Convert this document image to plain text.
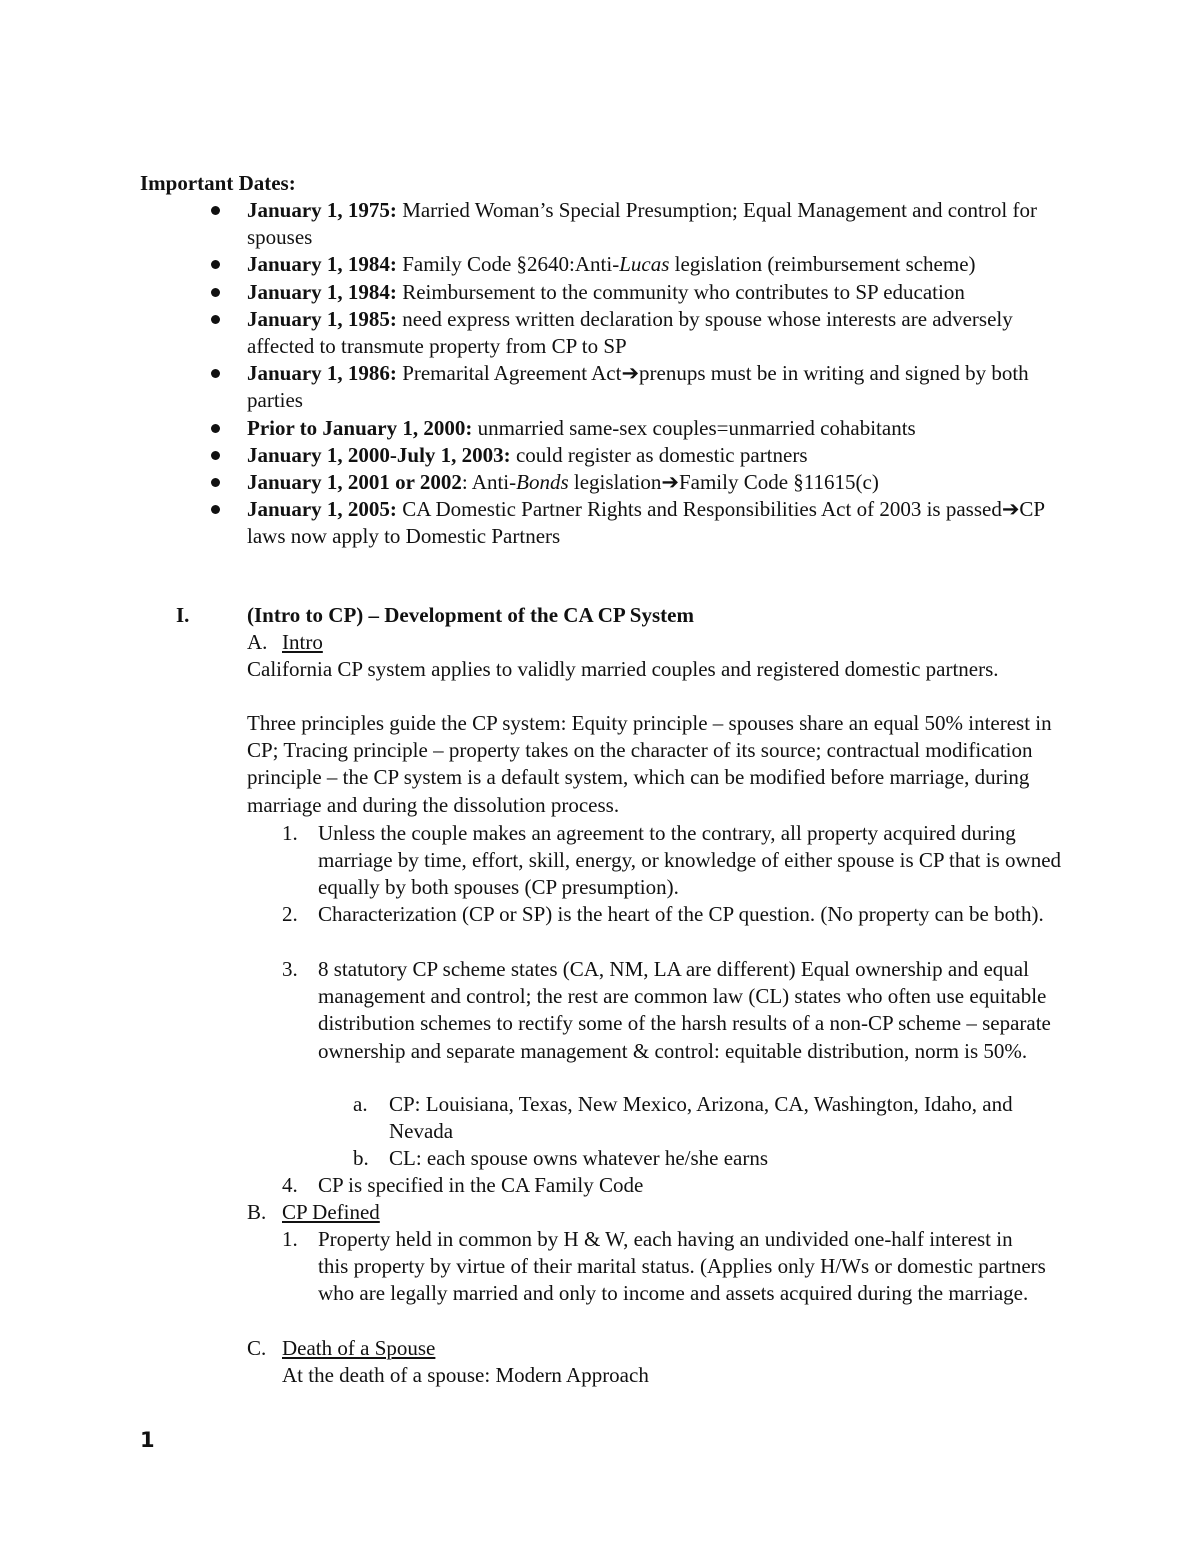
Important Dates:
January 1, 1975: Married Woman’s Special Presumption; Equal Management and control for spouses
January 1, 1984: Family Code §2640:Anti-Lucas legislation (reimbursement scheme)
January 1, 1984: Reimbursement to the community who contributes to SP education
January 1, 1985: need express written declaration by spouse whose interests are adversely affected to transmute property from CP to SP
January 1, 1986: Premarital Agreement Act➔prenups must be in writing and signed by both parties
Prior to January 1, 2000: unmarried same-sex couples=unmarried cohabitants
January 1, 2000-July 1, 2003: could register as domestic partners
January 1, 2001 or 2002: Anti-Bonds legislation➔Family Code §11615(c)
January 1, 2005: CA Domestic Partner Rights and Responsibilities Act of 2003 is passed➔CP laws now apply to Domestic Partners
I.	(Intro to CP) – Development of the CA CP System
A. Intro
California CP system applies to validly married couples and registered domestic partners.
Three principles guide the CP system: Equity principle – spouses share an equal 50% interest in CP; Tracing principle – property takes on the character of its source; contractual modification principle – the CP system is a default system, which can be modified before marriage, during marriage and during the dissolution process.
1. Unless the couple makes an agreement to the contrary, all property acquired during marriage by time, effort, skill, energy, or knowledge of either spouse is CP that is owned equally by both spouses (CP presumption).
2. Characterization (CP or SP) is the heart of the CP question. (No property can be both).
3. 8 statutory CP scheme states (CA, NM, LA are different) Equal ownership and equal management and control; the rest are common law (CL) states who often use equitable distribution schemes to rectify some of the harsh results of a non-CP scheme – separate ownership and separate management & control: equitable distribution, norm is 50%.
a. CP: Louisiana, Texas, New Mexico, Arizona, CA, Washington, Idaho, and Nevada
b. CL: each spouse owns whatever he/she earns
4. CP is specified in the CA Family Code
B. CP Defined
1. Property held in common by H & W, each having an undivided one-half interest in this property by virtue of their marital status. (Applies only H/Ws or domestic partners who are legally married and only to income and assets acquired during the marriage.
C. Death of a Spouse
At the death of a spouse: Modern Approach
1
